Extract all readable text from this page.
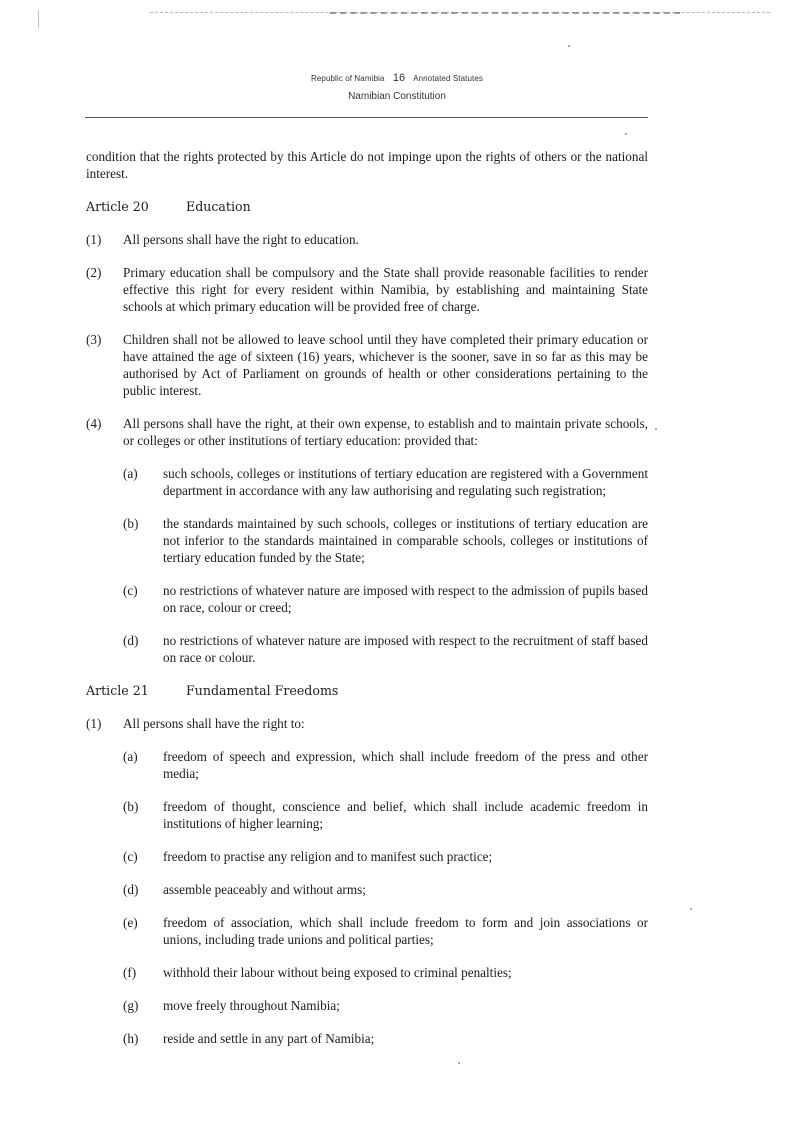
Republic of Namibia 16 Annotated Statutes
Namibian Constitution

condition that the rights protected by this Article do not impinge upon the rights of others or the national interest.

Article 20	Education
(1)	All persons shall have the right to education.
(2)	Primary education shall be compulsory and the State shall provide reasonable facilities to render effective this right for every resident within Namibia, by establishing and maintaining State schools at which primary education will be provided free of charge.
(3)	Children shall not be allowed to leave school until they have completed their primary education or have attained the age of sixteen (16) years, whichever is the sooner, save in so far as this may be authorised by Act of Parliament on grounds of health or other considerations pertaining to the public interest.
(4)	All persons shall have the right, at their own expense, to establish and to maintain private schools, or colleges or other institutions of tertiary education: provided that:
(a)	such schools, colleges or institutions of tertiary education are registered with a Government department in accordance with any law authorising and regulating such registration;
(b)	the standards maintained by such schools, colleges or institutions of tertiary education are not inferior to the standards maintained in comparable schools, colleges or institutions of tertiary education funded by the State;
(c)	no restrictions of whatever nature are imposed with respect to the admission of pupils based on race, colour or creed;
(d)	no restrictions of whatever nature are imposed with respect to the recruitment of staff based on race or colour.
Article 21	Fundamental Freedoms
(1)	All persons shall have the right to:
(a)	freedom of speech and expression, which shall include freedom of the press and other media;
(b)	freedom of thought, conscience and belief, which shall include academic freedom in institutions of higher learning;
(c)	freedom to practise any religion and to manifest such practice;
(d)	assemble peaceably and without arms;
(e)	freedom of association, which shall include freedom to form and join associations or unions, including trade unions and political parties;
(f)	withhold their labour without being exposed to criminal penalties;
(g)	move freely throughout Namibia;
(h)	reside and settle in any part of Namibia;
